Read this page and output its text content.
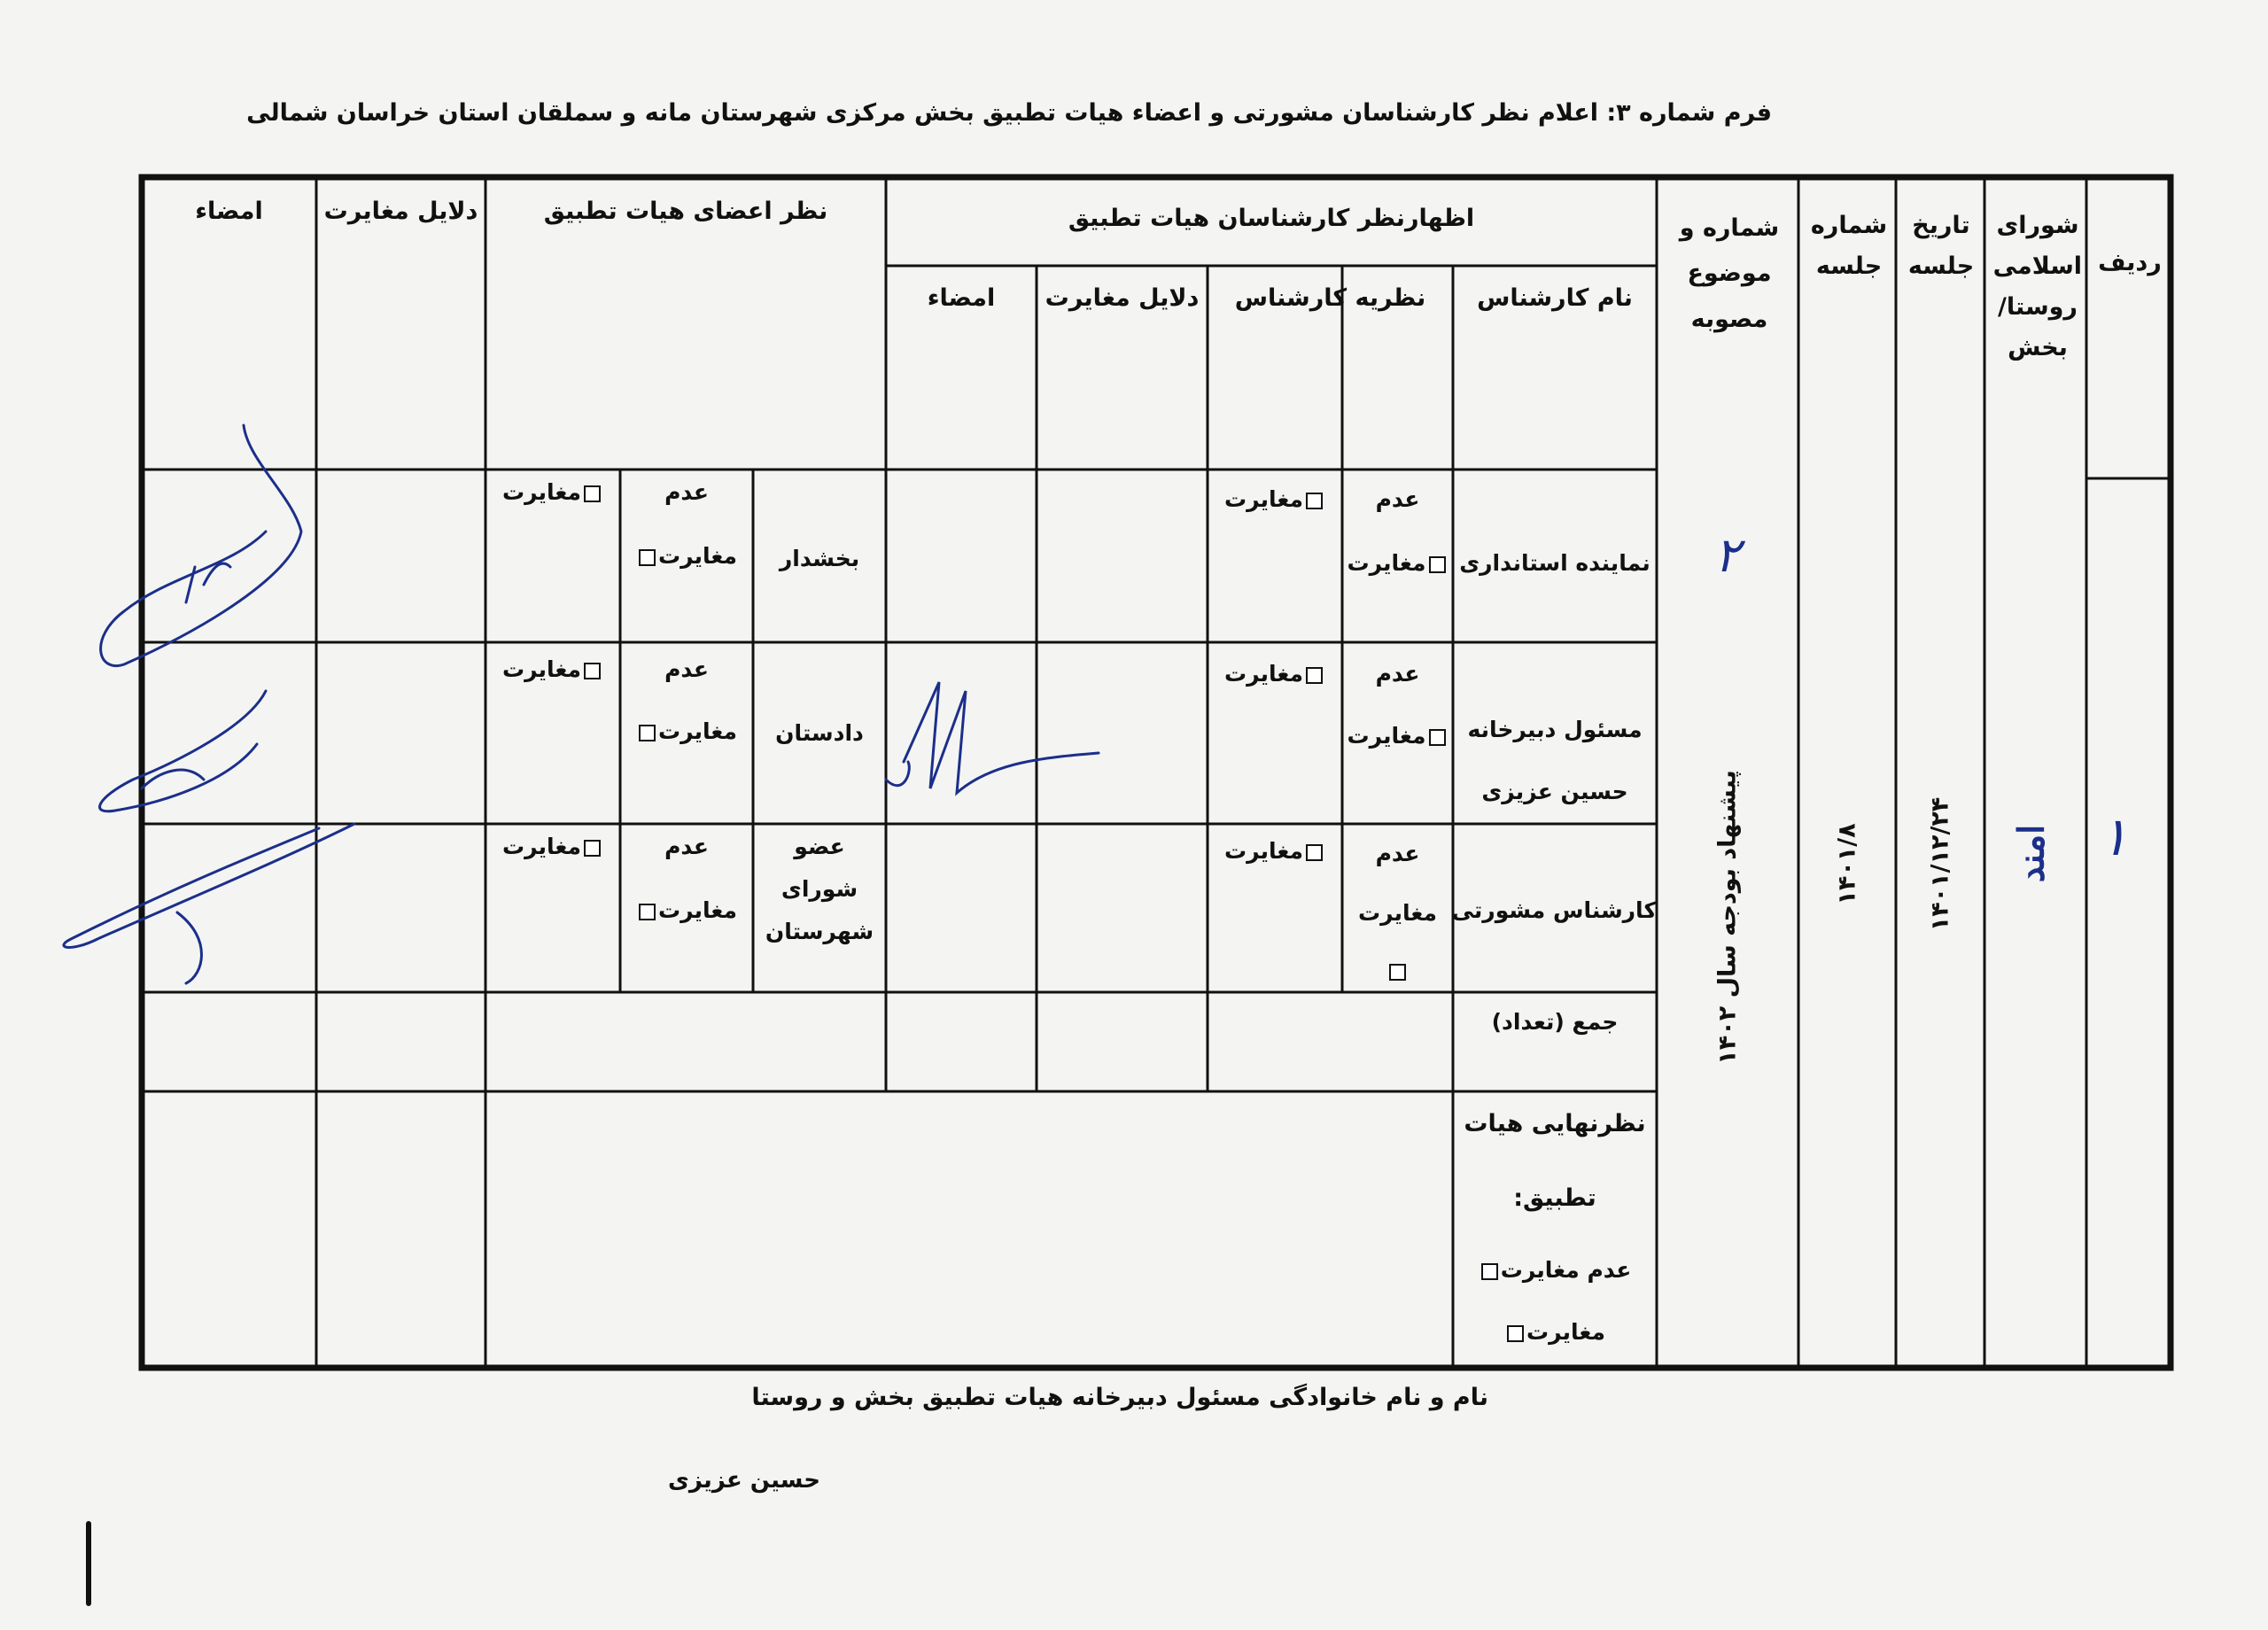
فرم شماره ۳: اعلام نظر کارشناسان مشورتی و اعضاء هیات تطبیق بخش مرکزی شهرستان مانه و سملقان استان خراسان شمالی
ردیف
شورای اسلامی روستا/ بخش
تاریخ جلسه
شماره جلسه
شماره و موضوع مصوبه
اظهارنظر کارشناسان هیات تطبیق
نام کارشناس
نظریه کارشناس
دلایل مغایرت
امضاء
نظر اعضای هیات تطبیق
دلایل مغایرت
امضاء
نماینده استانداری
عدم
مغایرت
مغایرت
بخشدار
عدم
مغایرت
مغایرت
مسئول دبیرخانه
حسین عزیزی
عدم
مغایرت
مغایرت
دادستان
عدم
مغایرت
مغایرت
کارشناس مشورتی
عدم
مغایرت
مغایرت
عضو
شورای
شهرستان
عدم
مغایرت
مغایرت
جمع (تعداد)
نظرنهایی هیات
تطبیق:
عدم مغایرت
مغایرت
۱
امند
۱۴۰۱/۱۲/۲۴
۱۴۰۱/۸
۲
پیشنهاد بودجه سال ۱۴۰۲
نام و نام خانوادگی مسئول دبیرخانه هیات تطبیق بخش و روستا
حسین عزیزی
